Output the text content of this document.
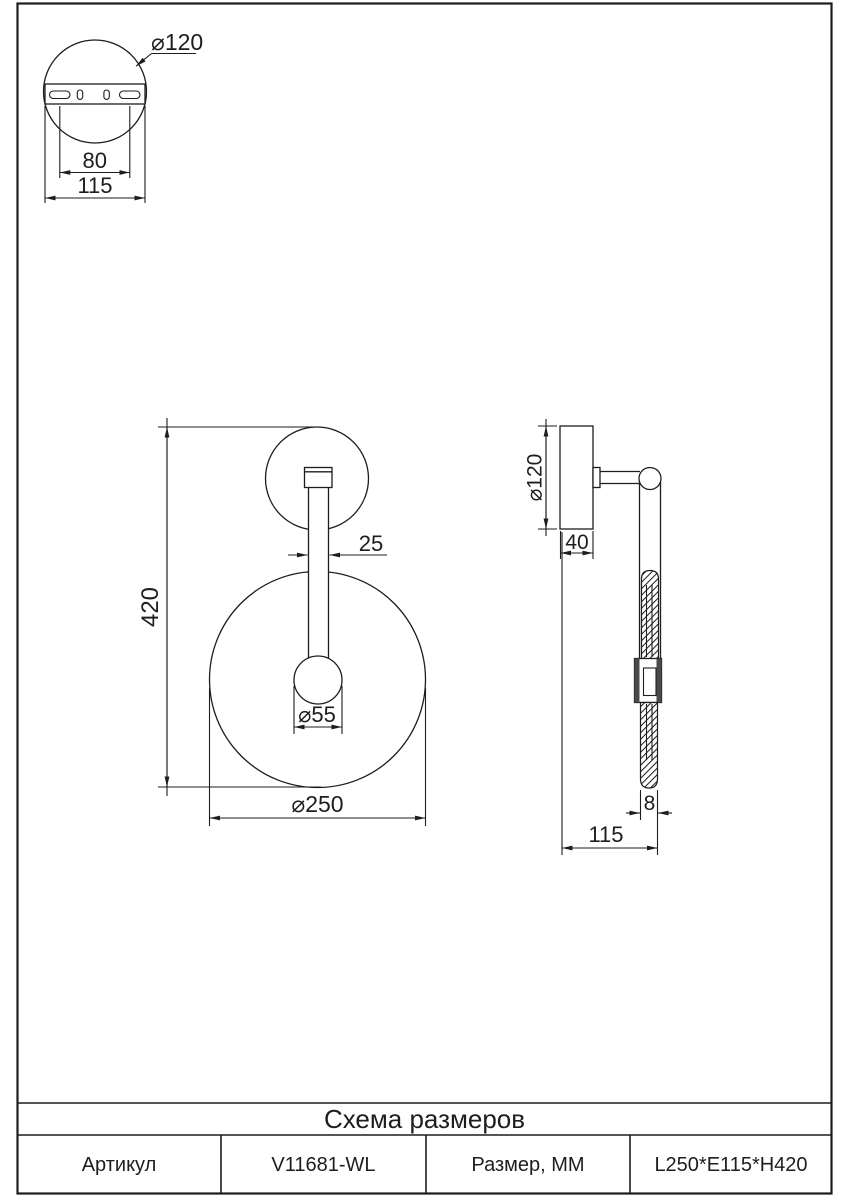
⌀120
80
115
420
25
⌀55
⌀250
⌀120
40
8
115
Схема размеров
Артикул	V11681-WL	Размер, ММ	L250*E115*H420
